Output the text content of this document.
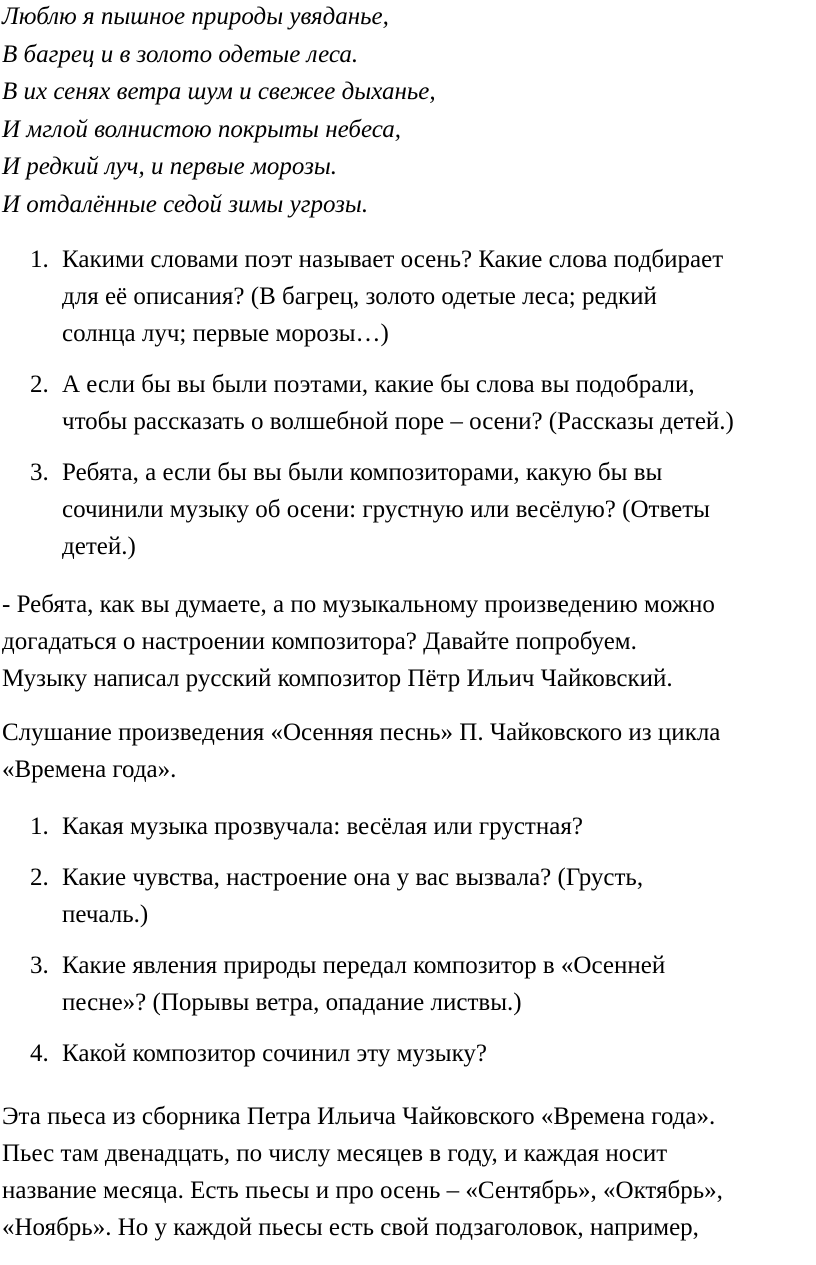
Люблю я пышное природы увяданье,
В багрец и в золото одетые леса.
В их сенях ветра шум и свежее дыханье,
И мглой волнистою покрыты небеса,
И редкий луч, и первые морозы.
И отдалённые седой зимы угрозы.
1. Какими словами поэт называет осень? Какие слова подбирает
для её описания? (В багрец, золото одетые леса; редкий
солнца луч; первые морозы…)
2. А если бы вы были поэтами, какие бы слова вы подобрали,
чтобы рассказать о волшебной поре – осени? (Рассказы детей.)
3. Ребята, а если бы вы были композиторами, какую бы вы
сочинили музыку об осени: грустную или весёлую? (Ответы
детей.)

- Ребята, как вы думаете, а по музыкальному произведению можно
догадаться о настроении композитора? Давайте попробуем.
Музыку написал русский композитор Пётр Ильич Чайковский.

Слушание произведения «Осенняя песнь» П. Чайковского из цикла
«Времена года».

1. Какая музыка прозвучала: весёлая или грустная?
2. Какие чувства, настроение она у вас вызвала? (Грусть,
печаль.)
3. Какие явления природы передал композитор в «Осенней
песне»? (Порывы ветра, опадание листвы.)
4. Какой композитор сочинил эту музыку?

Эта пьеса из сборника Петра Ильича Чайковского «Времена года».
Пьес там двенадцать, по числу месяцев в году, и каждая носит
название месяца. Есть пьесы и про осень – «Сентябрь», «Октябрь»,
«Ноябрь». Но у каждой пьесы есть свой подзаголовок, например,
